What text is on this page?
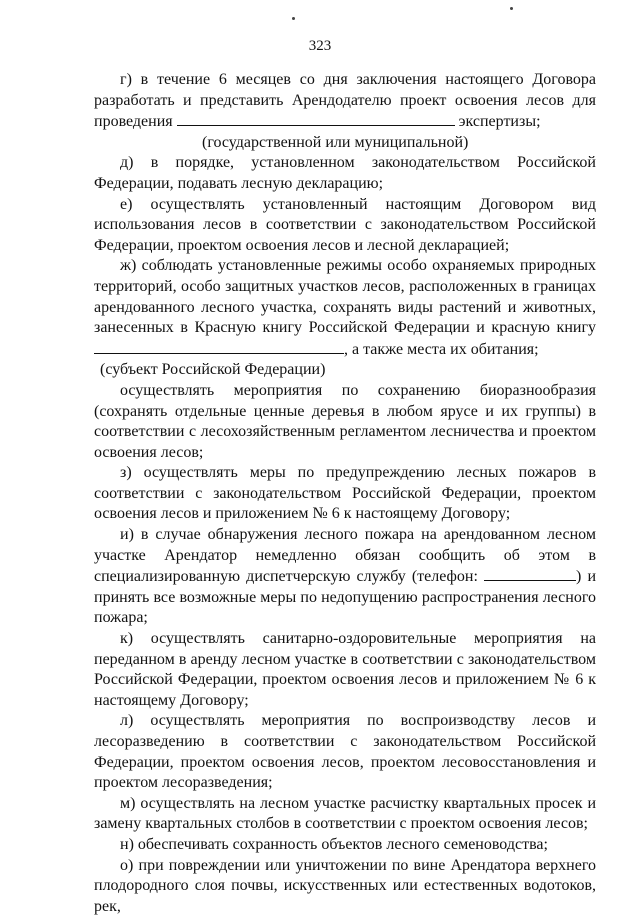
323

г) в течение 6 месяцев со дня заключения настоящего Договора разработать и представить Арендодателю проект освоения лесов для проведения	экспертизы;

(государственной или муниципальной)

д) в порядке, установленном законодательством Российской Федерации, подавать лесную декларацию;

е) осуществлять установленный настоящим Договором вид использования лесов в соответствии с законодательством Российской Федерации, проектом освоения лесов и лесной декларацией;

ж) соблюдать установленные режимы особо охраняемых природных территорий, особо защитных участков лесов, расположенных в границах арендованного лесного участка, сохранять виды растений и животных, занесенных в Красную книгу Российской Федерации и красную книгу , а также места их обитания;

(субъект Российской Федерации)

осуществлять мероприятия по сохранению биоразнообразия (сохранять отдельные ценные деревья в любом ярусе и их группы) в соответствии с лесохозяйственным регламентом лесничества и проектом освоения лесов;

з) осуществлять меры по предупреждению лесных пожаров в соответствии с законодательством Российской Федерации, проектом освоения лесов и приложением № 6 к настоящему Договору;

и) в случае обнаружения лесного пожара на арендованном лесном участке Арендатор немедленно обязан сообщить об этом в специализированную диспетчерскую службу (телефон:	) и принять все возможные меры по недопущению распространения лесного пожара;

к) осуществлять санитарно-оздоровительные мероприятия на переданном в аренду лесном участке в соответствии с законодательством Российской Федерации, проектом освоения лесов и приложением № 6 к настоящему Договору;

л) осуществлять мероприятия по воспроизводству лесов и лесоразведению в соответствии с законодательством Российской Федерации, проектом освоения лесов, проектом лесовосстановления и проектом лесоразведения;

м) осуществлять на лесном участке расчистку квартальных просек и замену квартальных столбов в соответствии с проектом освоения лесов;

н) обеспечивать сохранность объектов лесного семеноводства;

о) при повреждении или уничтожении по вине Арендатора верхнего плодородного слоя почвы, искусственных или естественных водотоков, рек,
